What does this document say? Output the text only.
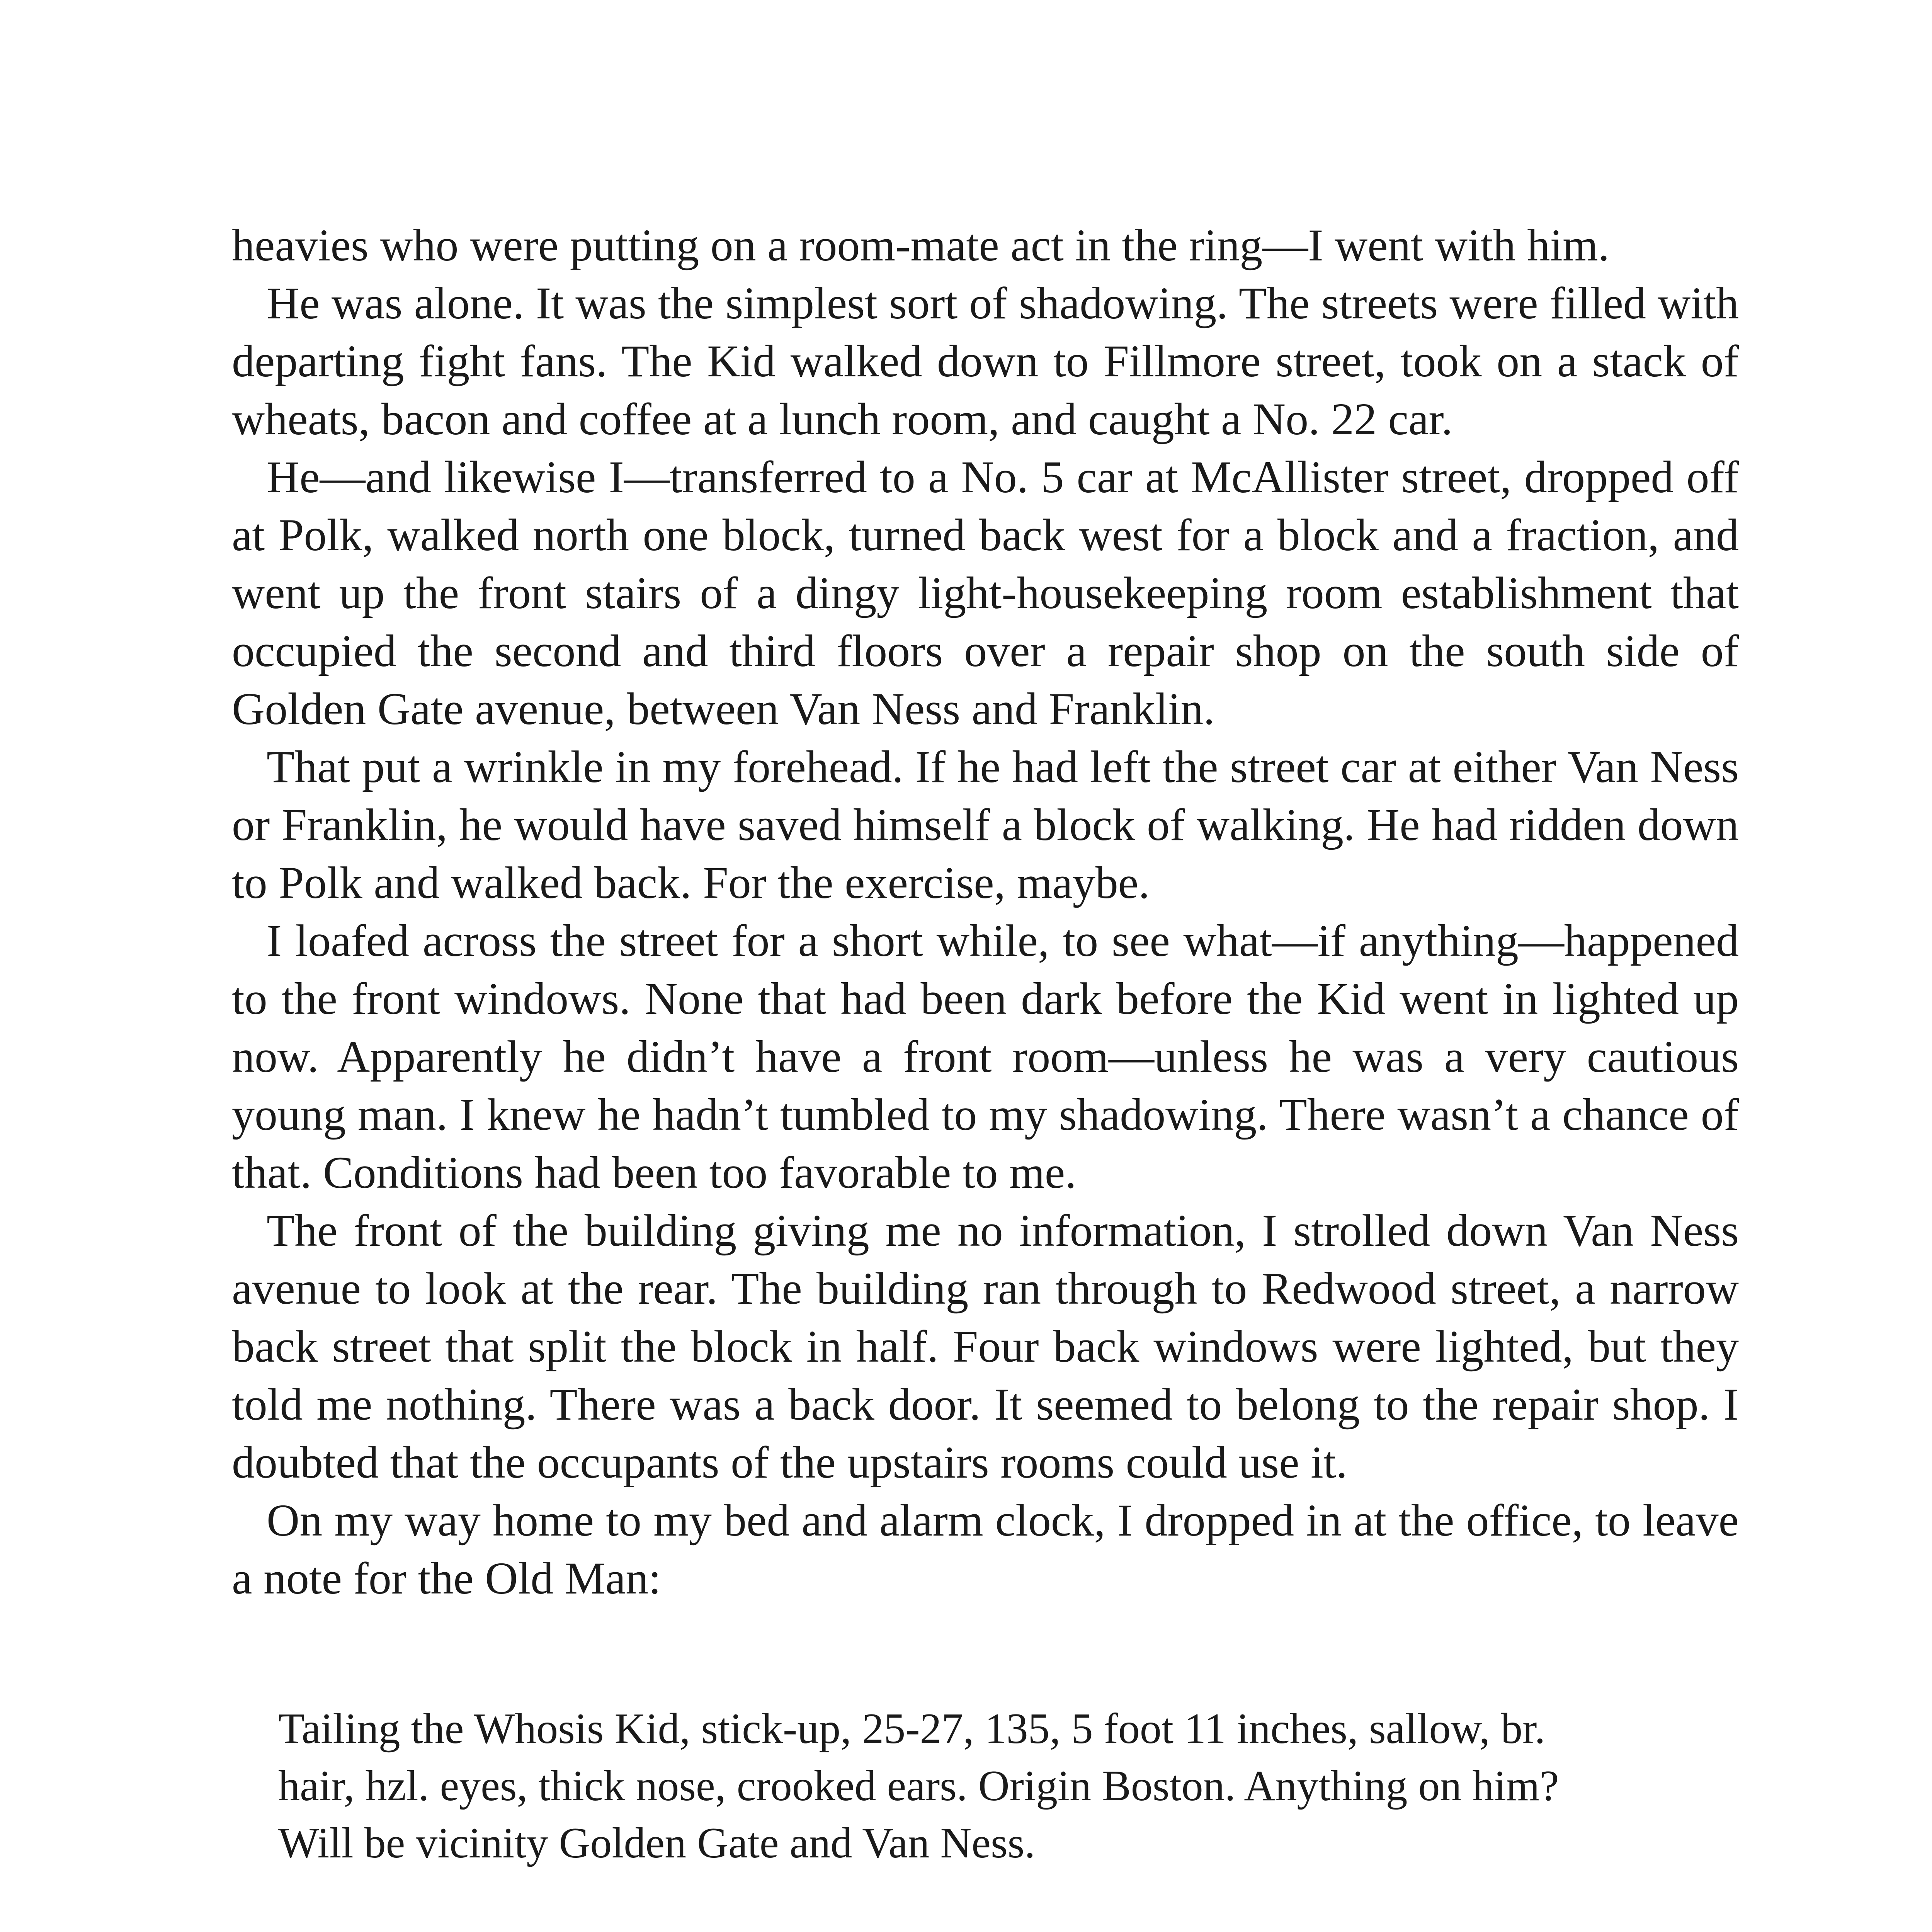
heavies who were putting on a room-mate act in the ring—I went with him.

He was alone. It was the simplest sort of shadowing. The streets were filled with departing fight fans. The Kid walked down to Fillmore street, took on a stack of wheats, bacon and coffee at a lunch room, and caught a No. 22 car.

He—and likewise I—transferred to a No. 5 car at McAllister street, dropped off at Polk, walked north one block, turned back west for a block and a fraction, and went up the front stairs of a dingy light-housekeeping room establishment that occupied the second and third floors over a repair shop on the south side of Golden Gate avenue, between Van Ness and Franklin.

That put a wrinkle in my forehead. If he had left the street car at either Van Ness or Franklin, he would have saved himself a block of walking. He had ridden down to Polk and walked back. For the exercise, maybe.

I loafed across the street for a short while, to see what—if anything—happened to the front windows. None that had been dark before the Kid went in lighted up now. Apparently he didn’t have a front room—unless he was a very cautious young man. I knew he hadn’t tumbled to my shadowing. There wasn’t a chance of that. Conditions had been too favorable to me.

The front of the building giving me no information, I strolled down Van Ness avenue to look at the rear. The building ran through to Redwood street, a narrow back street that split the block in half. Four back windows were lighted, but they told me nothing. There was a back door. It seemed to belong to the repair shop. I doubted that the occupants of the upstairs rooms could use it.

On my way home to my bed and alarm clock, I dropped in at the office, to leave a note for the Old Man:

Tailing the Whosis Kid, stick-up, 25-27, 135, 5 foot 11 inches, sallow, br.
hair, hzl. eyes, thick nose, crooked ears. Origin Boston. Anything on him?
Will be vicinity Golden Gate and Van Ness.
